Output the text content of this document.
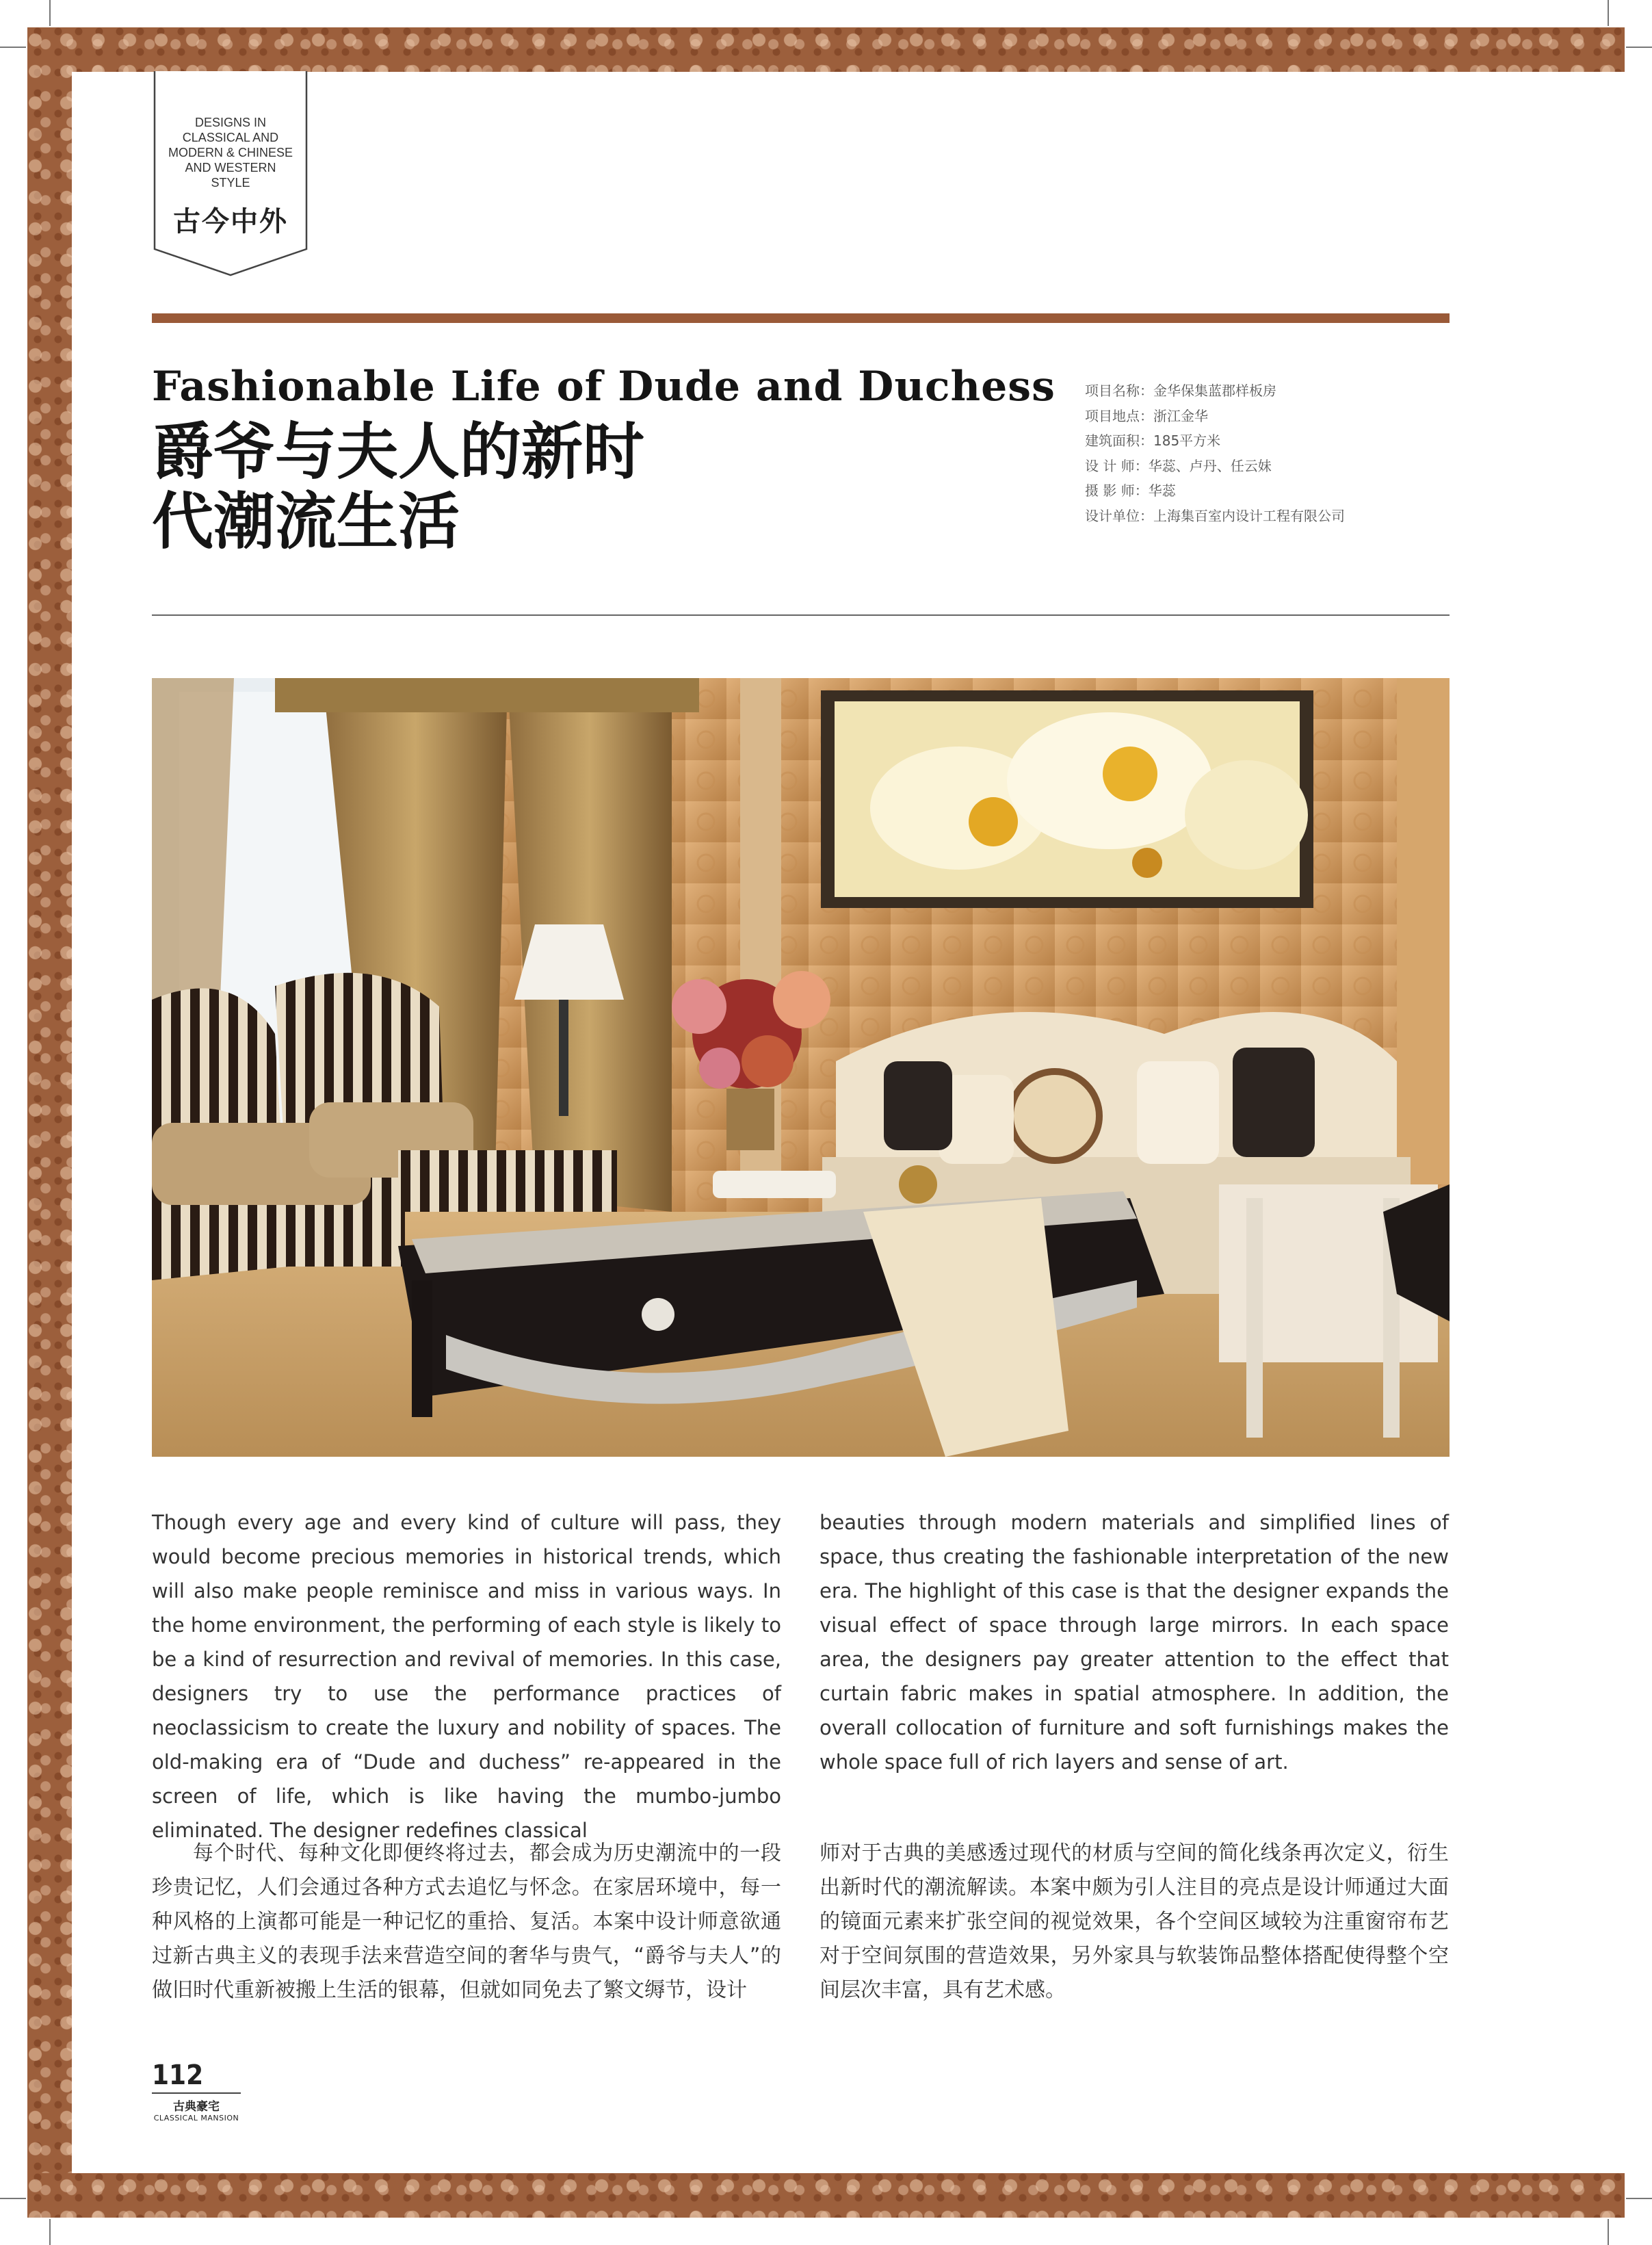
DESIGNS IN
CLASSICAL AND
MODERN & CHINESE
AND WESTERN
STYLE
古今中外
Fashionable Life of Dude and Duchess
爵爷与夫人的新时
代潮流生活
项目名称：金华保集蓝郡样板房
项目地点：浙江金华
建筑面积：185平方米
设 计 师：华蕊、卢丹、任云妹
摄 影 师：华蕊
设计单位：上海集百室内设计工程有限公司
Though every age and every kind of culture will pass, they would become precious memories in historical trends, which will also make people reminisce and miss in various ways. In the home environment, the performing of each style is likely to be a kind of resurrection and revival of memories. In this case, designers try to use the performance practices of neoclassicism to create the luxury and nobility of spaces. The old-making era of “Dude and duchess” re-appeared in the screen of life, which is like having the mumbo-jumbo eliminated. The designer redefines classical
beauties through modern materials and simplified lines of space, thus creating the fashionable interpretation of the new era. The highlight of this case is that the designer expands the visual effect of space through large mirrors. In each space area, the designers pay greater attention to the effect that curtain fabric makes in spatial atmosphere. In addition, the overall collocation of furniture and soft furnishings makes the whole space full of rich layers and sense of art.
每个时代、每种文化即便终将过去，都会成为历史潮流中的一段珍贵记忆，人们会通过各种方式去追忆与怀念。在家居环境中，每一种风格的上演都可能是一种记忆的重拾、复活。本案中设计师意欲通过新古典主义的表现手法来营造空间的奢华与贵气，“爵爷与夫人”的做旧时代重新被搬上生活的银幕，但就如同免去了繁文缛节，设计
师对于古典的美感透过现代的材质与空间的简化线条再次定义，衍生出新时代的潮流解读。本案中颇为引人注目的亮点是设计师通过大面的镜面元素来扩张空间的视觉效果，各个空间区域较为注重窗帘布艺对于空间氛围的营造效果，另外家具与软装饰品整体搭配使得整个空间层次丰富，具有艺术感。
112
古典豪宅
CLASSICAL MANSION
